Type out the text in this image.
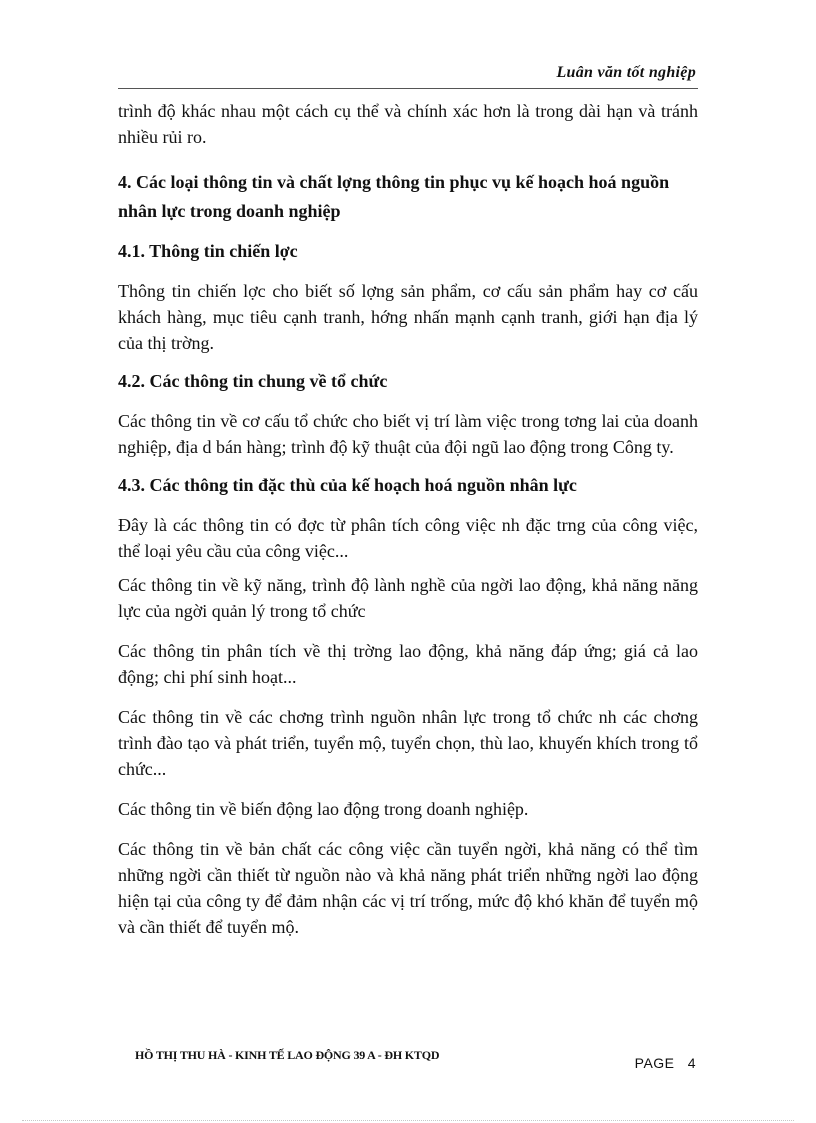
Luân văn tốt nghiệp

trình độ khác nhau một cách cụ thể và chính xác hơn là trong dài hạn và tránh nhiều rủi ro.

4. Các loại thông tin và chất lợng thông tin phục vụ kế hoạch hoá nguồn nhân lực trong doanh nghiệp

4.1. Thông tin chiến lợc

Thông tin chiến lợc cho biết số lợng sản phẩm, cơ cấu sản phẩm hay cơ cấu khách hàng, mục tiêu cạnh tranh, hớng nhấn mạnh cạnh tranh, giới hạn địa lý của thị trờng.

4.2. Các thông tin chung về tổ chức

Các thông tin về cơ cấu tổ chức cho biết vị trí làm việc trong tơng lai của doanh nghiệp, địa d bán hàng; trình độ kỹ thuật của đội ngũ lao động trong Công ty.

4.3. Các thông tin đặc thù của kế hoạch hoá nguồn nhân lực

Đây là các thông tin có đợc từ phân tích công việc nh đặc trng của công việc, thể loại yêu cầu của công việc...

Các thông tin về kỹ năng, trình độ lành nghề của ngời lao động, khả năng năng lực của ngời quản lý trong tổ chức

Các thông tin phân tích về thị trờng lao động, khả năng đáp ứng; giá cả lao động; chi phí sinh hoạt...

Các thông tin về các chơng trình nguồn nhân lực trong tổ chức nh các chơng trình đào tạo và phát triển, tuyển mộ, tuyển chọn, thù lao, khuyến khích trong tổ chức...

Các thông tin về biến động lao động trong doanh nghiệp.

Các thông tin về bản chất các công việc cần tuyển ngời, khả năng có thể tìm những ngời cần thiết từ nguồn nào và khả năng phát triển những ngời lao động hiện tại của công ty để đảm nhận các vị trí trống, mức độ khó khăn để tuyển mộ và cần thiết để tuyển mộ.

HỒ THỊ THU HÀ - KINH TẾ LAO ĐỘNG 39 A - ĐH KTQD	PAGE 4
